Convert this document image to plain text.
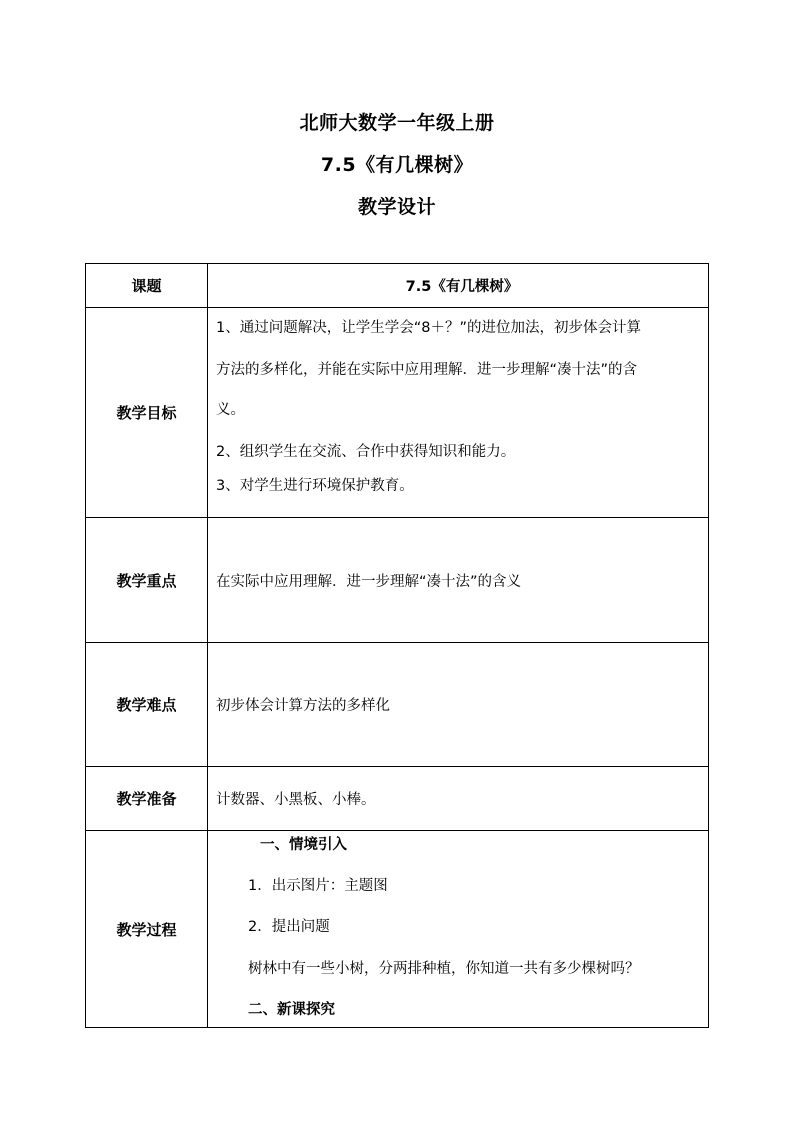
北师大数学一年级上册
7.5《有几棵树》
教学设计
课题	7.5《有几棵树》
教学目标	1、通过问题解决，让学生学会“8＋？”的进位加法，初步体会计算
方法的多样化，并能在实际中应用理解．进一步理解“凑十法”的含
义。
2、组织学生在交流、合作中获得知识和能力。
3、对学生进行环境保护教育。

教学重点	在实际中应用理解．进一步理解“凑十法”的含义
教学难点	初步体会计算方法的多样化
教学准备	计数器、小黑板、小棒。
教学过程	一、情境引入
1．出示图片：主题图
2．提出问题
树林中有一些小树，分两排种植，你知道一共有多少棵树吗？
二、新课探究
